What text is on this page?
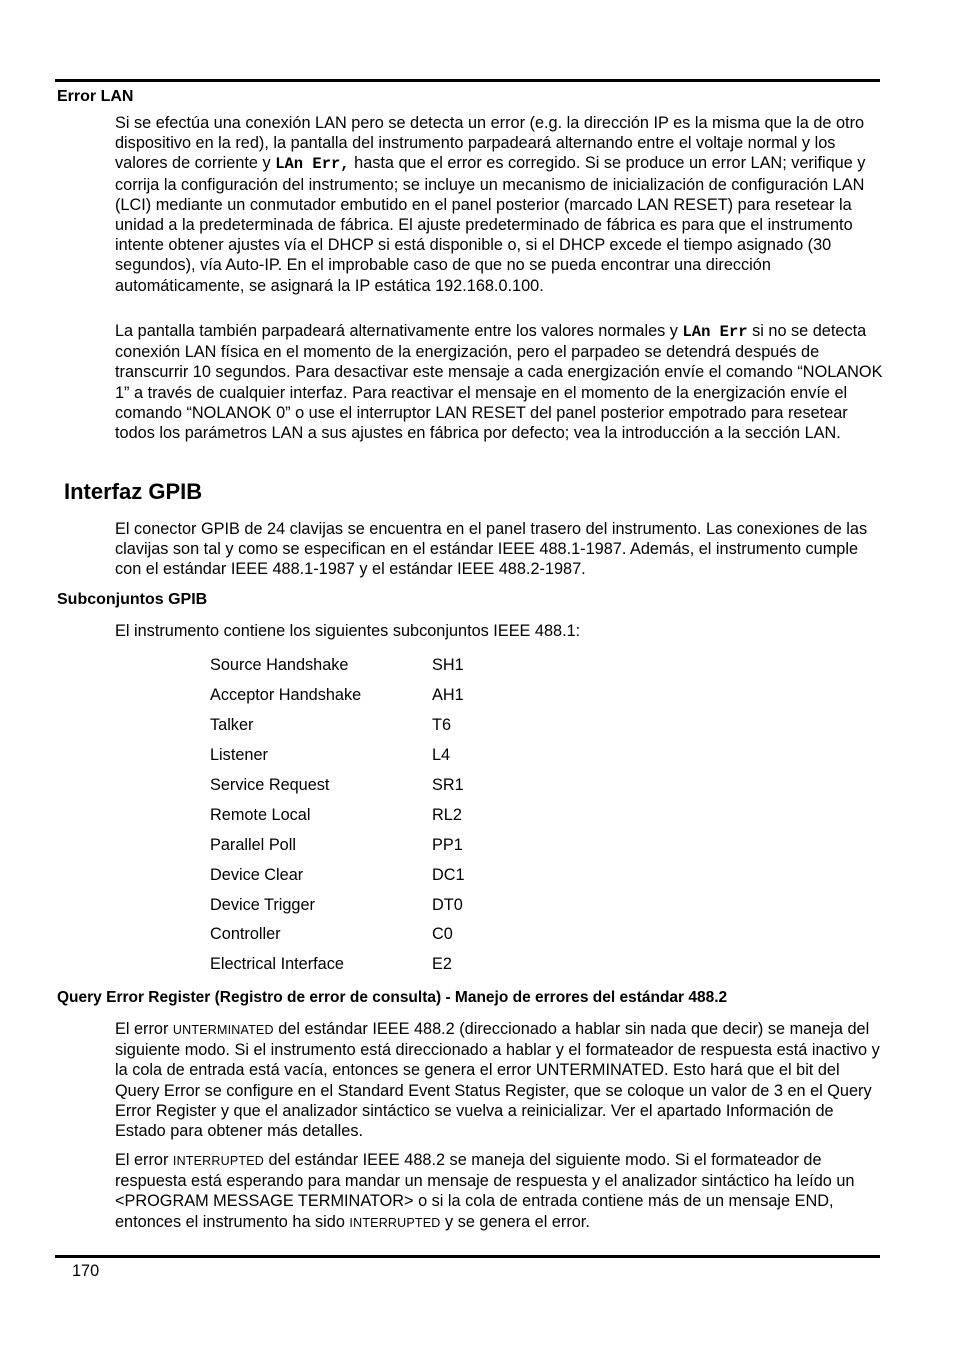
Error LAN

Si se efectúa una conexión LAN pero se detecta un error (e.g. la dirección IP es la misma que la de otro dispositivo en la red), la pantalla del instrumento parpadeará alternando entre el voltaje normal y los valores de corriente y LAn Err, hasta que el error es corregido. Si se produce un error LAN; verifique y corrija la configuración del instrumento; se incluye un mecanismo de inicialización de configuración LAN (LCI) mediante un conmutador embutido en el panel posterior (marcado LAN RESET) para resetear la unidad a la predeterminada de fábrica. El ajuste predeterminado de fábrica es para que el instrumento intente obtener ajustes vía el DHCP si está disponible o, si el DHCP excede el tiempo asignado (30 segundos), vía Auto-IP. En el improbable caso de que no se pueda encontrar una dirección automáticamente, se asignará la IP estática 192.168.0.100.

La pantalla también parpadeará alternativamente entre los valores normales y LAn Err si no se detecta conexión LAN física en el momento de la energización, pero el parpadeo se detendrá después de transcurrir 10 segundos. Para desactivar este mensaje a cada energización envíe el comando “NOLANOK 1” a través de cualquier interfaz. Para reactivar el mensaje en el momento de la energización envíe el comando “NOLANOK 0” o use el interruptor LAN RESET del panel posterior empotrado para resetear todos los parámetros LAN a sus ajustes en fábrica por defecto; vea la introducción a la sección LAN.

Interfaz GPIB

El conector GPIB de 24 clavijas se encuentra en el panel trasero del instrumento. Las conexiones de las clavijas son tal y como se especifican en el estándar IEEE 488.1-1987. Además, el instrumento cumple con el estándar IEEE 488.1-1987 y el estándar IEEE 488.2-1987.

Subconjuntos GPIB

El instrumento contiene los siguientes subconjuntos IEEE 488.1:

Source Handshake	SH1
Acceptor Handshake	AH1
Talker	T6
Listener	L4
Service Request	SR1
Remote Local	RL2
Parallel Poll	PP1
Device Clear	DC1
Device Trigger	DT0
Controller	C0
Electrical Interface	E2
Query Error Register (Registro de error de consulta) - Manejo de errores del estándar 488.2

El error UNTERMINATED del estándar IEEE 488.2 (direccionado a hablar sin nada que decir) se maneja del siguiente modo. Si el instrumento está direccionado a hablar y el formateador de respuesta está inactivo y la cola de entrada está vacía, entonces se genera el error UNTERMINATED. Esto hará que el bit del Query Error se configure en el Standard Event Status Register, que se coloque un valor de 3 en el Query Error Register y que el analizador sintáctico se vuelva a reinicializar. Ver el apartado Información de Estado para obtener más detalles.

El error INTERRUPTED del estándar IEEE 488.2 se maneja del siguiente modo. Si el formateador de respuesta está esperando para mandar un mensaje de respuesta y el analizador sintáctico ha leído un <PROGRAM MESSAGE TERMINATOR> o si la cola de entrada contiene más de un mensaje END, entonces el instrumento ha sido INTERRUPTED y se genera el error.

170
